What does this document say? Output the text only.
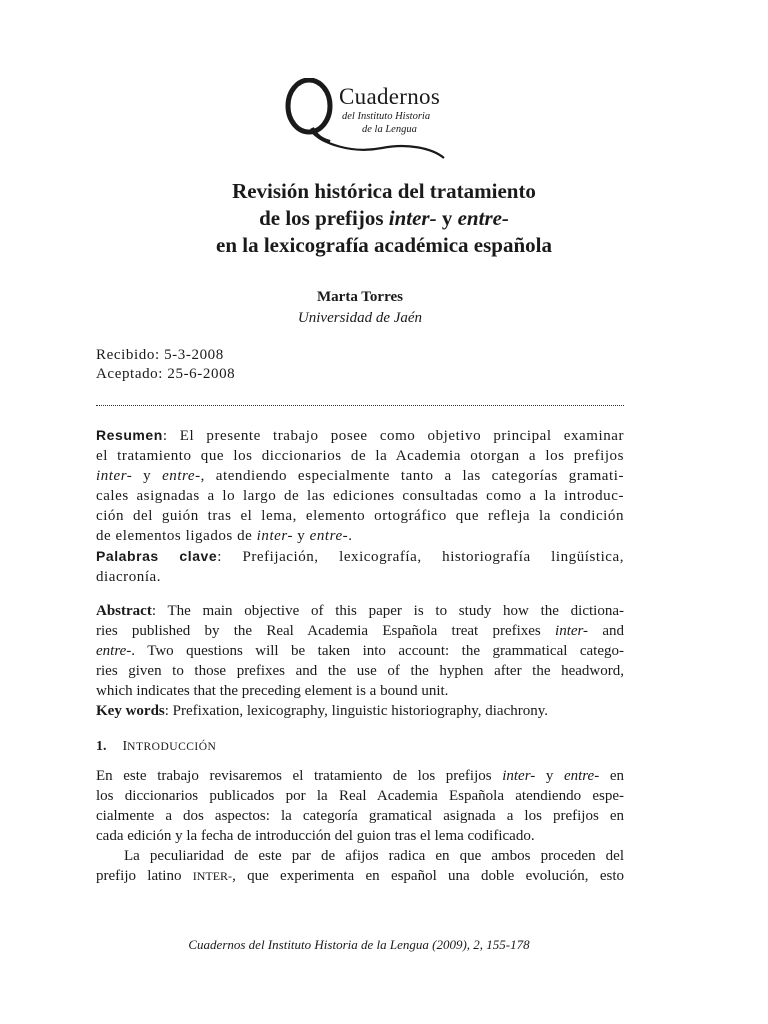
Cuadernos
del Instituto Historia
de la Lengua
Revisión histórica del tratamiento
de los prefijos inter- y entre-
en la lexicografía académica española
Marta Torres
Universidad de Jaén
Recibido: 5-3-2008
Aceptado: 25-6-2008
Resumen: El presente trabajo posee como objetivo principal examinar
el tratamiento que los diccionarios de la Academia otorgan a los prefijos
inter- y entre-, atendiendo especialmente tanto a las categorías gramati-
cales asignadas a lo largo de las ediciones consultadas como a la introduc-
ción del guión tras el lema, elemento ortográfico que refleja la condición
de elementos ligados de inter- y entre-.
Palabras clave: Prefijación, lexicografía, historiografía lingüística,
diacronía.
Abstract: The main objective of this paper is to study how the dictiona-
ries published by the Real Academia Española treat prefixes inter- and
entre-. Two questions will be taken into account: the grammatical catego-
ries given to those prefixes and the use of the hyphen after the headword,
which indicates that the preceding element is a bound unit.
Key words: Prefixation, lexicography, linguistic historiography, diachrony.
1. INTRODUCCIÓN
En este trabajo revisaremos el tratamiento de los prefijos inter- y entre- en
los diccionarios publicados por la Real Academia Española atendiendo espe-
cialmente a dos aspectos: la categoría gramatical asignada a los prefijos en
cada edición y la fecha de introducción del guion tras el lema codificado.
La peculiaridad de este par de afijos radica en que ambos proceden del
prefijo latino INTER-, que experimenta en español una doble evolución, esto
Cuadernos del Instituto Historia de la Lengua (2009), 2, 155-178
